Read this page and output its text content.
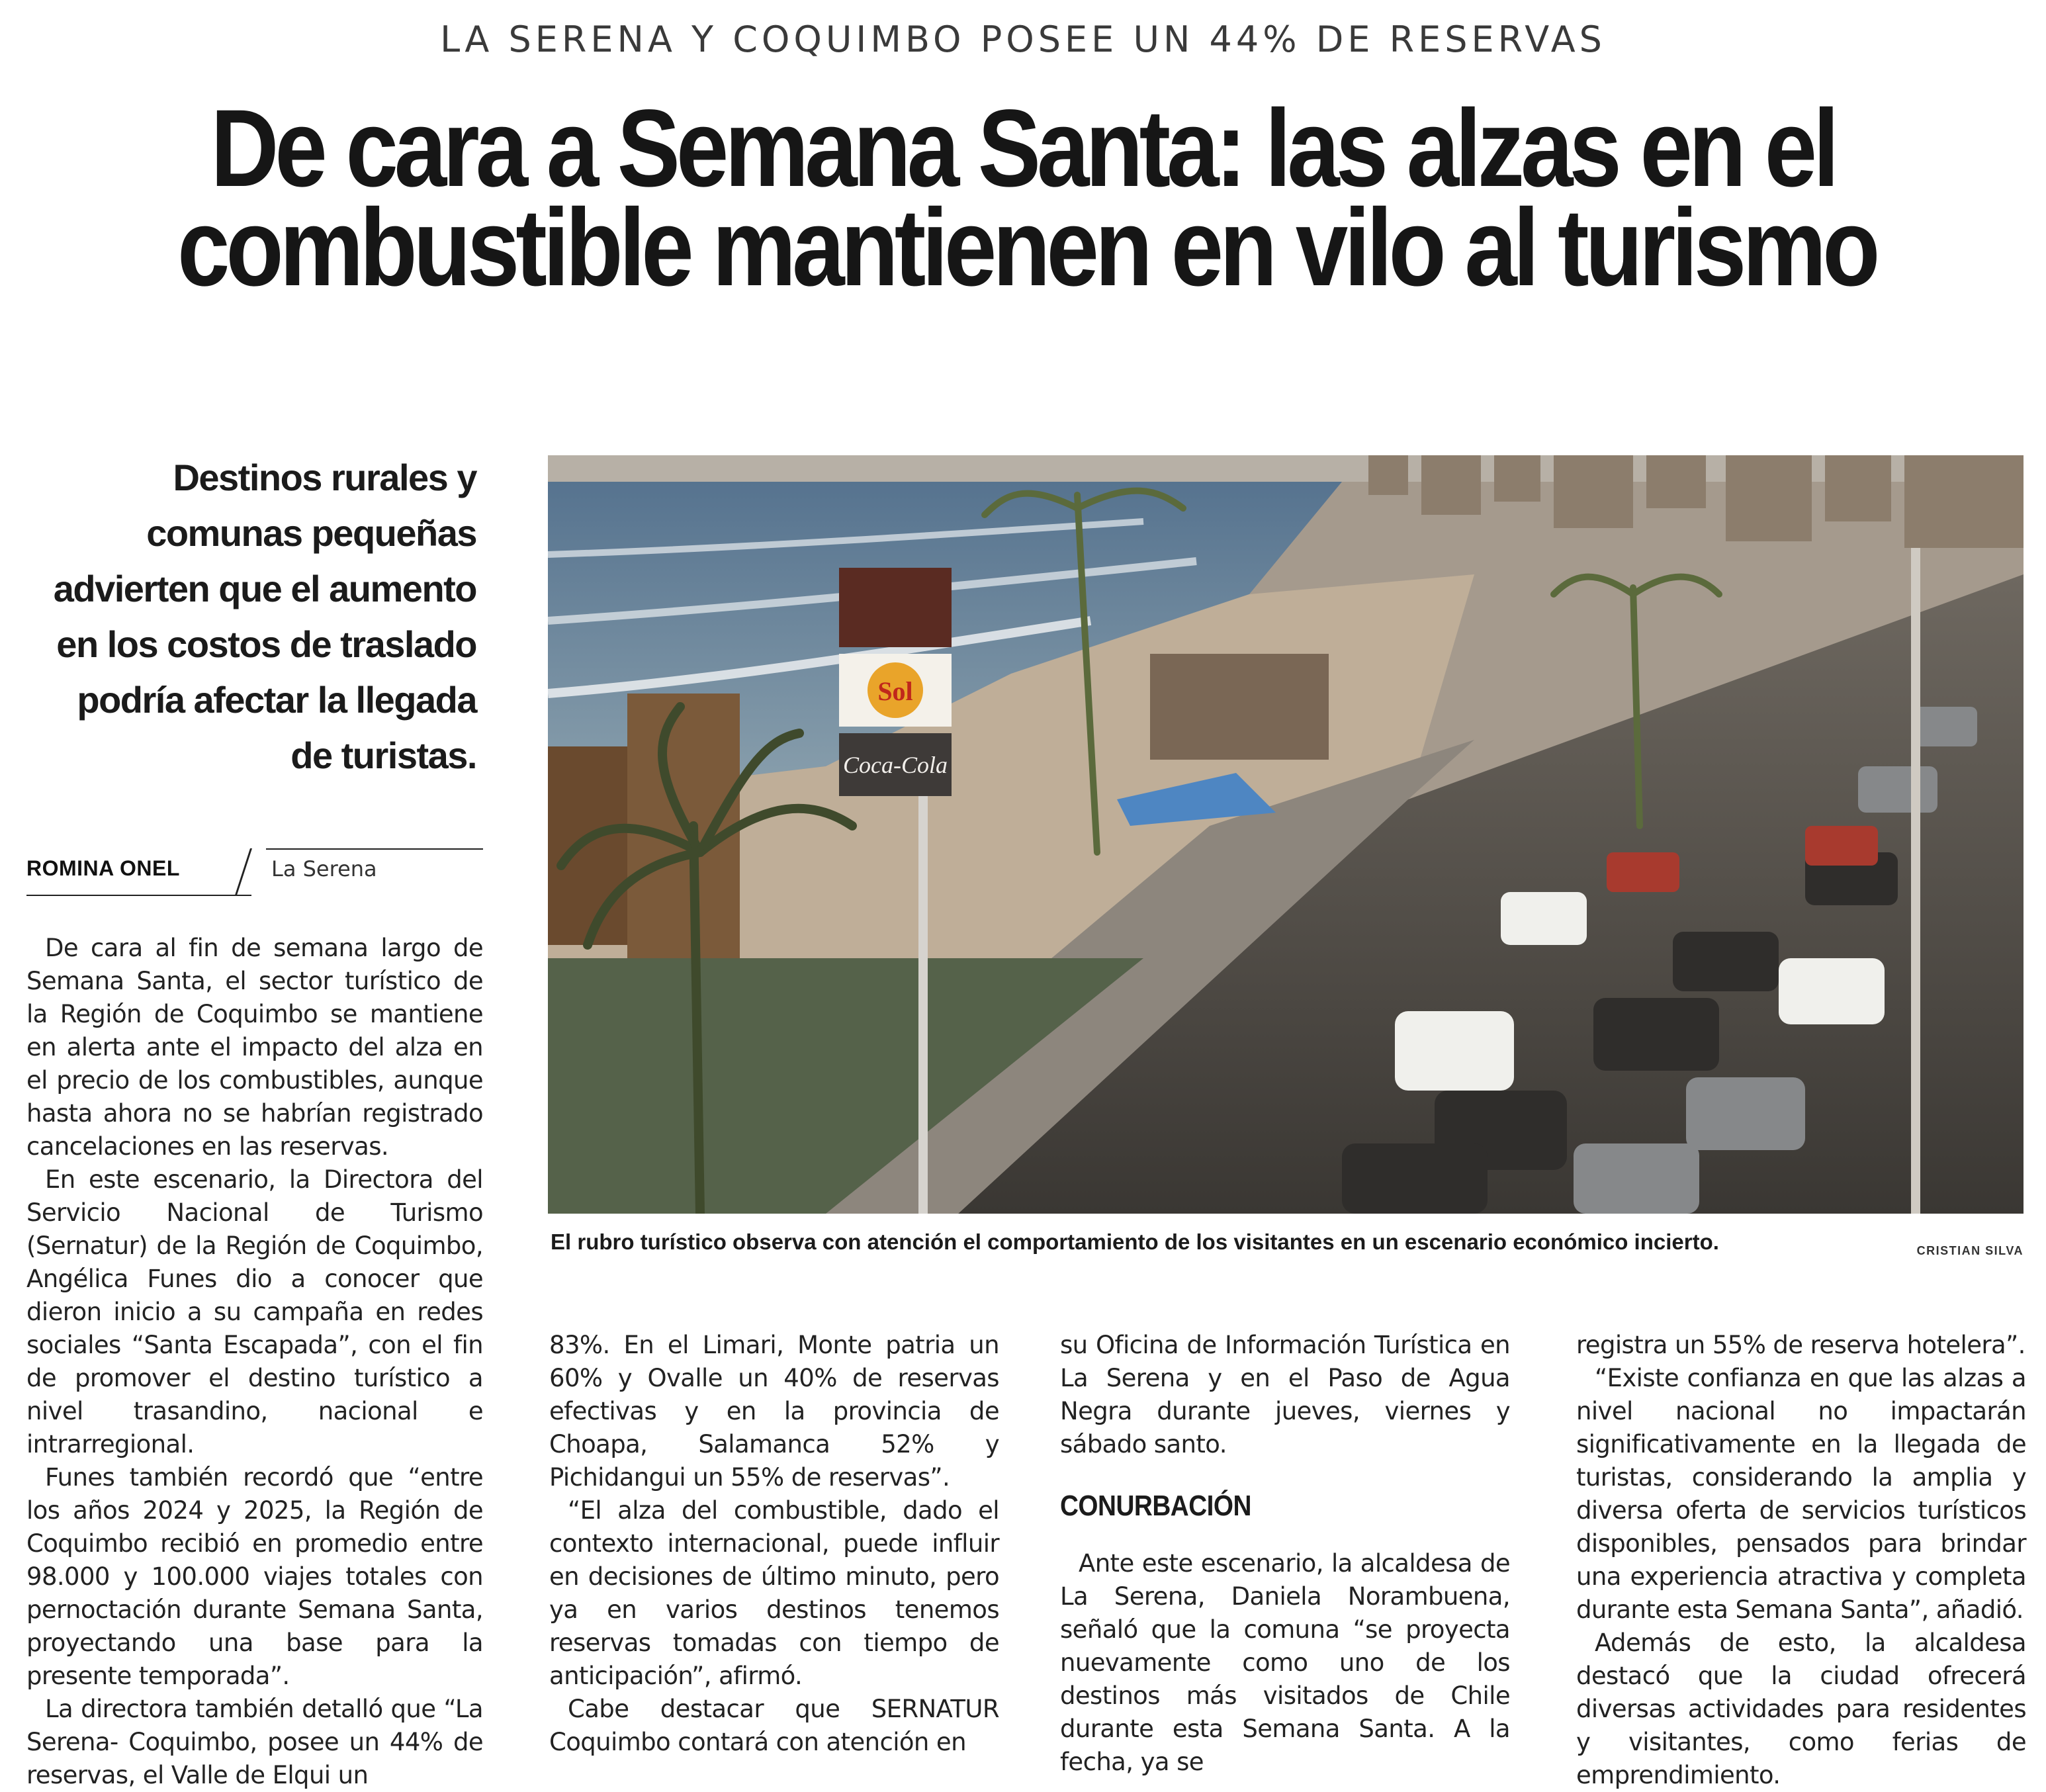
LA SERENA Y COQUIMBO POSEE UN 44% DE RESERVAS
De cara a Semana Santa: las alzas en el
combustible mantienen en vilo al turismo

Destinos rurales y comunas pequeñas advierten que el aumento en los costos de traslado podría afectar la llegada de turistas.

ROMINA ONEL	La Serena

De cara al fin de semana largo de Semana Santa, el sector turístico de la Región de Coquimbo se mantiene en alerta ante el impacto del alza en el precio de los combustibles, aunque hasta ahora no se habrían registrado cancelaciones en las reservas.

En este escenario, la Directora del Servicio Nacional de Turismo (Sernatur) de la Región de Coquimbo, Angélica Funes dio a conocer que dieron inicio a su campaña en redes sociales “Santa Escapada”, con el fin de promover el destino turístico a nivel trasandino, nacional e intrarregional.

Funes también recordó que “entre los años 2024 y 2025, la Región de Coquimbo recibió en promedio entre 98.000 y 100.000 viajes totales con pernoctación durante Semana Santa, proyectando una base para la presente temporada”.

La directora también detalló que “La Serena- Coquimbo, posee un 44% de reservas, el Valle de Elqui un

Sol
Coca-Cola
El rubro turístico observa con atención el comportamiento de los visitantes en un escenario económico incierto.	CRISTIAN SILVA

83%. En el Limari, Monte patria un 60% y Ovalle un 40% de reservas efectivas y en la provincia de Choapa, Salamanca 52% y Pichidangui un 55% de reservas”.

“El alza del combustible, dado el contexto internacional, puede influir en decisiones de último minuto, pero ya en varios destinos tenemos reservas tomadas con tiempo de anticipación”, afirmó.

Cabe destacar que SERNATUR Coquimbo contará con atención en

su Oficina de Información Turística en La Serena y en el Paso de Agua Negra durante jueves, viernes y sábado santo.

CONURBACIÓN

Ante este escenario, la alcaldesa de La Serena, Daniela Norambuena, señaló que la comuna “se proyecta nuevamente como uno de los destinos más visitados de Chile durante esta Semana Santa. A la fecha, ya se

registra un 55% de reserva hotelera”.

“Existe confianza en que las alzas a nivel nacional no impactarán significativamente en la llegada de turistas, considerando la amplia y diversa oferta de servicios turísticos disponibles, pensados para brindar una experiencia atractiva y completa durante esta Semana Santa”, añadió.

Además de esto, la alcaldesa destacó que la ciudad ofrecerá diversas actividades para residentes y visitantes, como ferias de emprendimiento.
